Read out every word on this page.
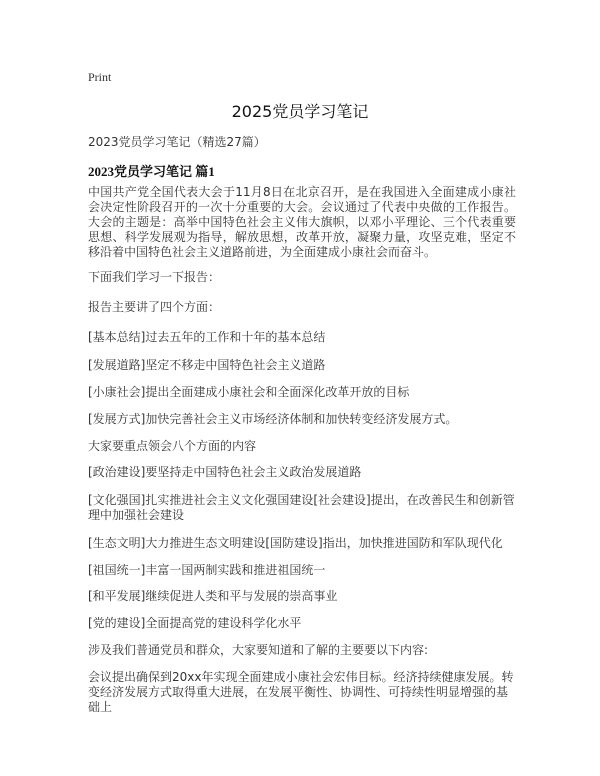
Print
2025党员学习笔记
2023党员学习笔记（精选27篇）
2023党员学习笔记 篇1
中国共产党全国代表大会于11月8日在北京召开，是在我国进入全面建成小康社会决定性阶段召开的一次十分重要的大会。会议通过了代表中央做的工作报告。大会的主题是：高举中国特色社会主义伟大旗帜，以邓小平理论、三个代表重要思想、科学发展观为指导，解放思想，改革开放，凝聚力量，攻坚克难，坚定不移沿着中国特色社会主义道路前进，为全面建成小康社会而奋斗。
下面我们学习一下报告：
报告主要讲了四个方面：
[基本总结]过去五年的工作和十年的基本总结
[发展道路]坚定不移走中国特色社会主义道路
[小康社会]提出全面建成小康社会和全面深化改革开放的目标
[发展方式]加快完善社会主义市场经济体制和加快转变经济发展方式。
大家要重点领会八个方面的内容
[政治建设]要坚持走中国特色社会主义政治发展道路
[文化强国]扎实推进社会主义文化强国建设[社会建设]提出，在改善民生和创新管理中加强社会建设
[生态文明]大力推进生态文明建设[国防建设]指出，加快推进国防和军队现代化
[祖国统一]丰富一国两制实践和推进祖国统一
[和平发展]继续促进人类和平与发展的崇高事业
[党的建设]全面提高党的建设科学化水平
涉及我们普通党员和群众，大家要知道和了解的主要要以下内容:
会议提出确保到20xx年实现全面建成小康社会宏伟目标。经济持续健康发展。转变经济发展方式取得重大进展，在发展平衡性、协调性、可持续性明显增强的基础上
